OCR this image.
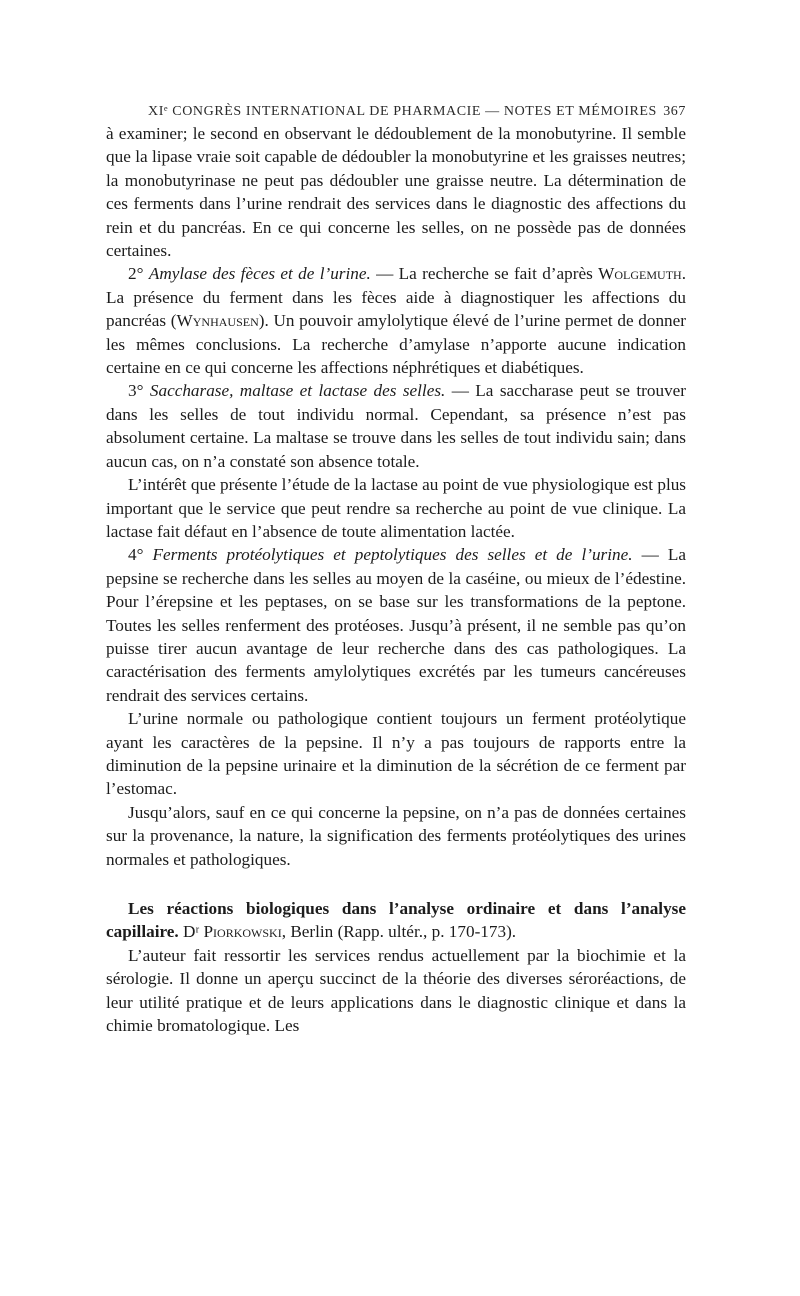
XIᵉ CONGRÈS INTERNATIONAL DE PHARMACIE — NOTES ET MÉMOIRES 367

à examiner; le second en observant le dédoublement de la monobutyrine. Il semble que la lipase vraie soit capable de dédoubler la monobutyrine et les graisses neutres; la monobutyrinase ne peut pas dédoubler une graisse neutre. La détermination de ces ferments dans l’urine rendrait des services dans le diagnostic des affections du rein et du pancréas. En ce qui concerne les selles, on ne possède pas de données certaines.

2° Amylase des fèces et de l’urine. — La recherche se fait d’après Wolgemuth. La présence du ferment dans les fèces aide à diagnostiquer les affections du pancréas (Wynhausen). Un pouvoir amylolytique élevé de l’urine permet de donner les mêmes conclusions. La recherche d’amylase n’apporte aucune indication certaine en ce qui concerne les affections néphrétiques et diabétiques.

3° Saccharase, maltase et lactase des selles. — La saccharase peut se trouver dans les selles de tout individu normal. Cependant, sa présence n’est pas absolument certaine. La maltase se trouve dans les selles de tout individu sain; dans aucun cas, on n’a constaté son absence totale.

L’intérêt que présente l’étude de la lactase au point de vue physiologique est plus important que le service que peut rendre sa recherche au point de vue clinique. La lactase fait défaut en l’absence de toute alimentation lactée.

4° Ferments protéolytiques et peptolytiques des selles et de l’urine. — La pepsine se recherche dans les selles au moyen de la caséine, ou mieux de l’édestine. Pour l’érepsine et les peptases, on se base sur les transformations de la peptone. Toutes les selles renferment des protéoses. Jusqu’à présent, il ne semble pas qu’on puisse tirer aucun avantage de leur recherche dans des cas pathologiques. La caractérisation des ferments amylolytiques excrétés par les tumeurs cancéreuses rendrait des services certains.

L’urine normale ou pathologique contient toujours un ferment protéolytique ayant les caractères de la pepsine. Il n’y a pas toujours de rapports entre la diminution de la pepsine urinaire et la diminution de la sécrétion de ce ferment par l’estomac.

Jusqu’alors, sauf en ce qui concerne la pepsine, on n’a pas de données certaines sur la provenance, la nature, la signification des ferments protéolytiques des urines normales et pathologiques.

Les réactions biologiques dans l’analyse ordinaire et dans l’analyse capillaire. Dʳ Piorkowski, Berlin (Rapp. ultér., p. 170-173).

L’auteur fait ressortir les services rendus actuellement par la biochimie et la sérologie. Il donne un aperçu succinct de la théorie des diverses séroréactions, de leur utilité pratique et de leurs applications dans le diagnostic clinique et dans la chimie bromatologique. Les
